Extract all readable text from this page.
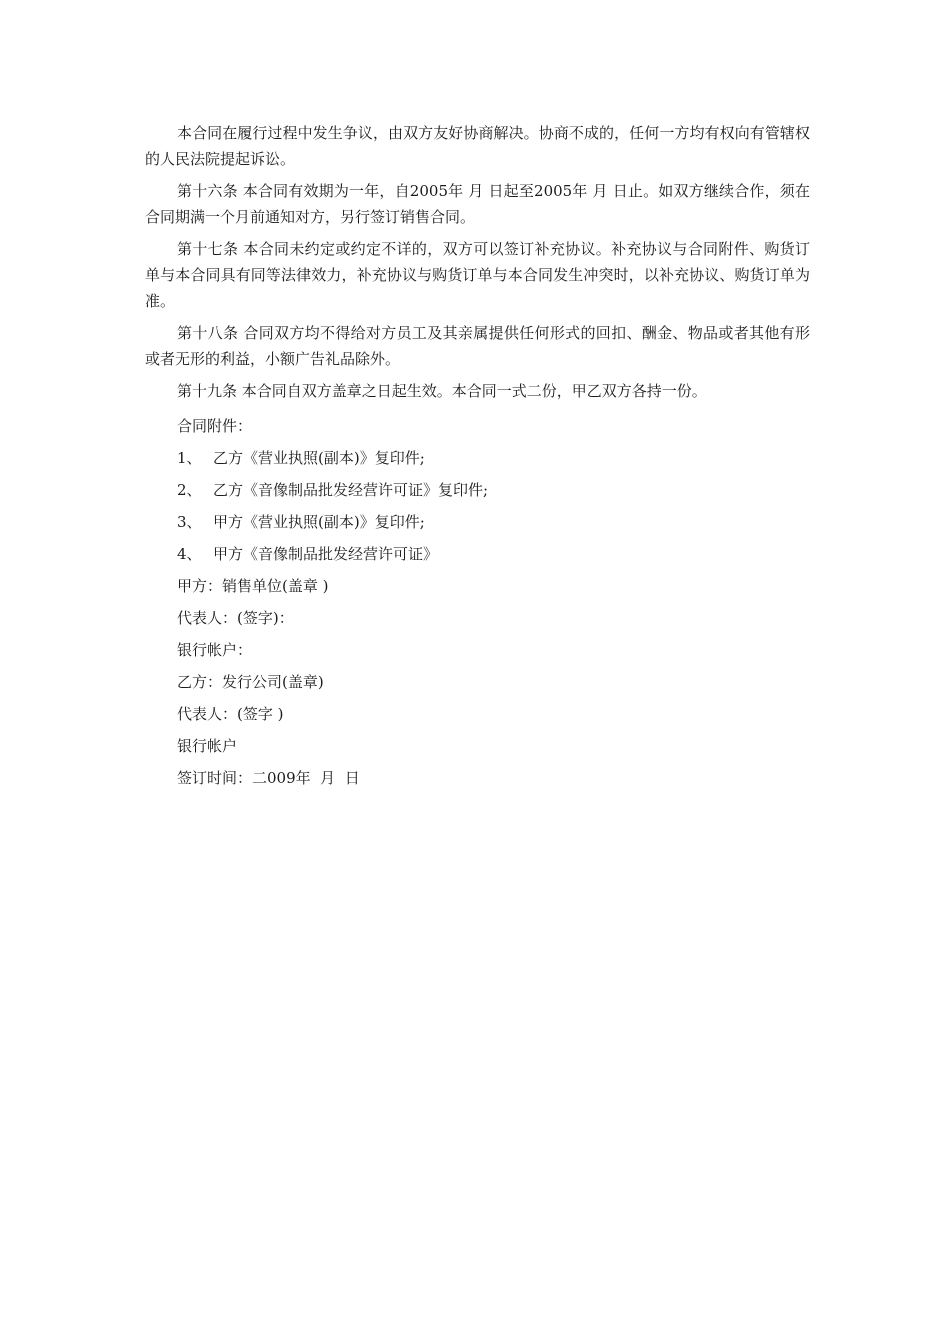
本合同在履行过程中发生争议，由双方友好协商解决。协商不成的，任何一方均有权向有管辖权的人民法院提起诉讼。

第十六条 本合同有效期为一年，自2005年 月 日起至2005年 月 日止。如双方继续合作，须在合同期满一个月前通知对方，另行签订销售合同。

第十七条 本合同未约定或约定不详的，双方可以签订补充协议。补充协议与合同附件、购货订单与本合同具有同等法律效力，补充协议与购货订单与本合同发生冲突时，以补充协议、购货订单为准。

第十八条 合同双方均不得给对方员工及其亲属提供任何形式的回扣、酬金、物品或者其他有形或者无形的利益，小额广告礼品除外。

第十九条 本合同自双方盖章之日起生效。本合同一式二份，甲乙双方各持一份。

合同附件：

1、 乙方《营业执照(副本)》复印件;

2、 乙方《音像制品批发经营许可证》复印件;

3、 甲方《营业执照(副本)》复印件;

4、 甲方《音像制品批发经营许可证》

甲方：销售单位(盖章 )

代表人：(签字)：

银行帐户：

乙方：发行公司(盖章)

代表人：(签字 )

银行帐户

签订时间：二009年  月  日
